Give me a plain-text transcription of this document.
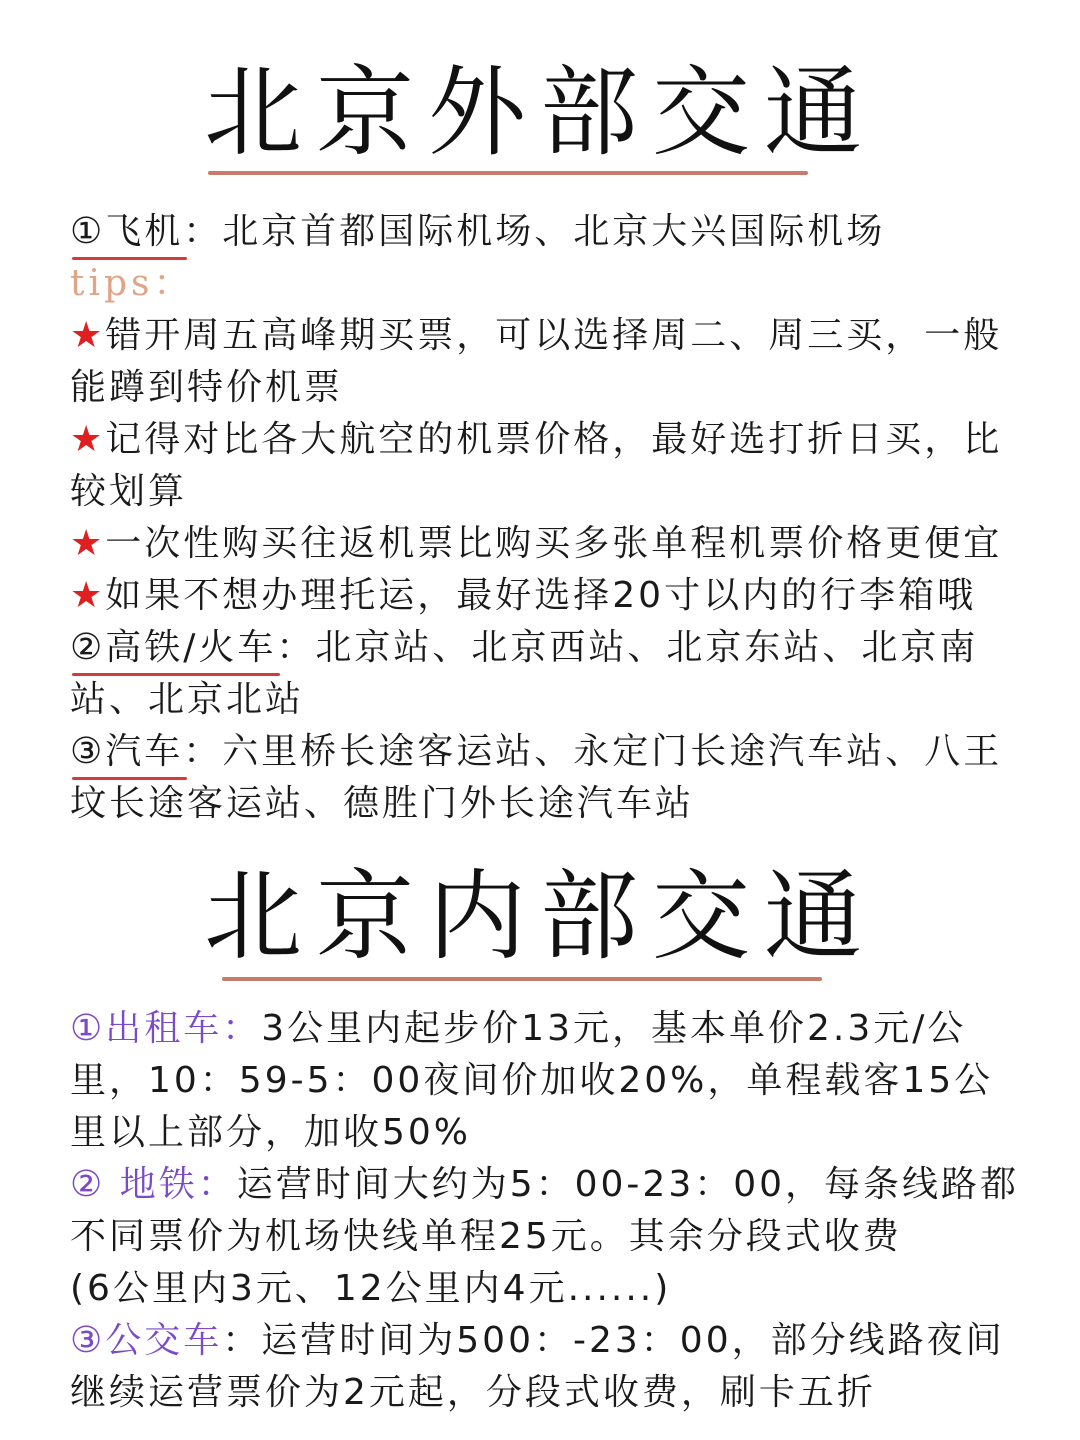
北京外部交通
①飞机：北京首都国际机场、北京大兴国际机场
tips：
★错开周五高峰期买票，可以选择周二、周三买，一般能蹲到特价机票
★记得对比各大航空的机票价格，最好选打折日买，比较划算
★一次性购买往返机票比购买多张单程机票价格更便宜
★如果不想办理托运，最好选择20寸以内的行李箱哦
②高铁/火车：北京站、北京西站、北京东站、北京南站、北京北站
③汽车：六里桥长途客运站、永定门长途汽车站、八王坟长途客运站、德胜门外长途汽车站
北京内部交通
①出租车：3公里内起步价13元，基本单价2.3元/公里，10：59-5：00夜间价加收20%，单程载客15公里以上部分，加收50%
② 地铁：运营时间大约为5：00-23：00，每条线路都不同票价为机场快线单程25元。其余分段式收费
(6公里内3元、12公里内4元......)
③公交车：运营时间为500：-23：00，部分线路夜间继续运营票价为2元起，分段式收费，刷卡五折
